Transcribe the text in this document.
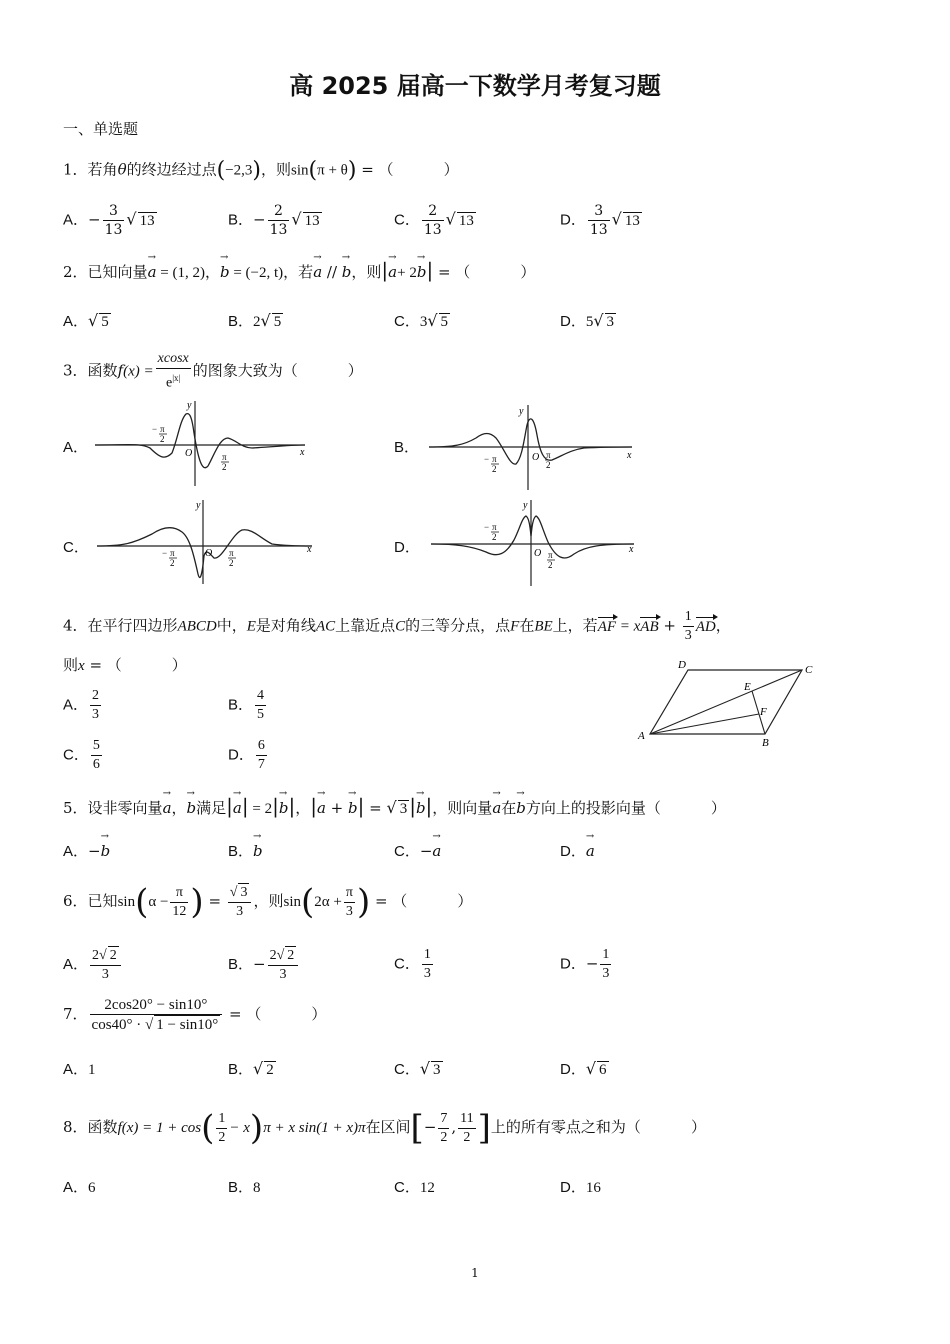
高 2025 届高一下数学月考复习题
一、单选题
1．若角θ的终边经过点(−2,3)，则sin(π + θ) = （	）
A．− $\frac{3}{13}$ √ 13	B．− $\frac{2}{13}$ √ 13	C． $\frac{2}{13}$ √ 13	D． $\frac{3}{13}$ √ 13
2．已知向量→ a = (1, 2)，→ b = (−2, t)，若→ a // → b，则|→ a+ 2→ b| = （	）
A．√ 5	B．2√ 5	C．3√ 5	D．5√ 3
3．函数$f(x) = \frac{xcosx}{e^{|x|}}$ 的图象大致为（	）
A．	B．
C．	D．
x
y
O
− π
2
π
2
x
y
O
− π
2
π
2
x
y
O
− π
2
π
2
x
y
O
− π
2
π
2
4．在平行四边形ABCD中，E是对角线AC上靠近点C的三等分点，点F在BE上，若AF = xAB + $\frac{1}{3}$ AD，
则x = （	）
A． $\frac{2}{3}$	B． $\frac{4}{5}$
C． $\frac{5}{6}$	D． $\frac{6}{7}$
A
B
C
D
E
F
5．设非零向量→ a，→ b满足|→ a| = 2|→ b|，|→ a + → b| = √ 3 |→ b|，则向量→ a在→ b方向上的投影向量（	）
A．−→ b	B．→ b	C．−→ a	D．→ a
6．已知$\sin(\alpha - \frac{\pi}{12}$ ) = $\frac{√ 3}{3}$ ，则$\sin(2\alpha + \frac{\pi}{3}$ ) = （	）
A． $\frac{2√ 2}{3}$	B．− $\frac{2√ 2}{3}$	C． $\frac{1}{3}$	D．− $\frac{1}{3}$
7． $\frac{2\cos 20^\circ - \sin 10^\circ}{\cos 40^\circ \cdot √ 1 - \sin 10^\circ}$ = （	）
A．1	B．√ 2	C．√ 3	D．√ 6
8．函数$f(x) = 1 + \cos( \frac{1}{2} - x)\pi + x$ sin(1 + x)π在区间[− $\frac{7}{2}$ , $\frac{11}{2}$ ]上的所有零点之和为（	）
A．6	B．8	C．12	D．16
1
